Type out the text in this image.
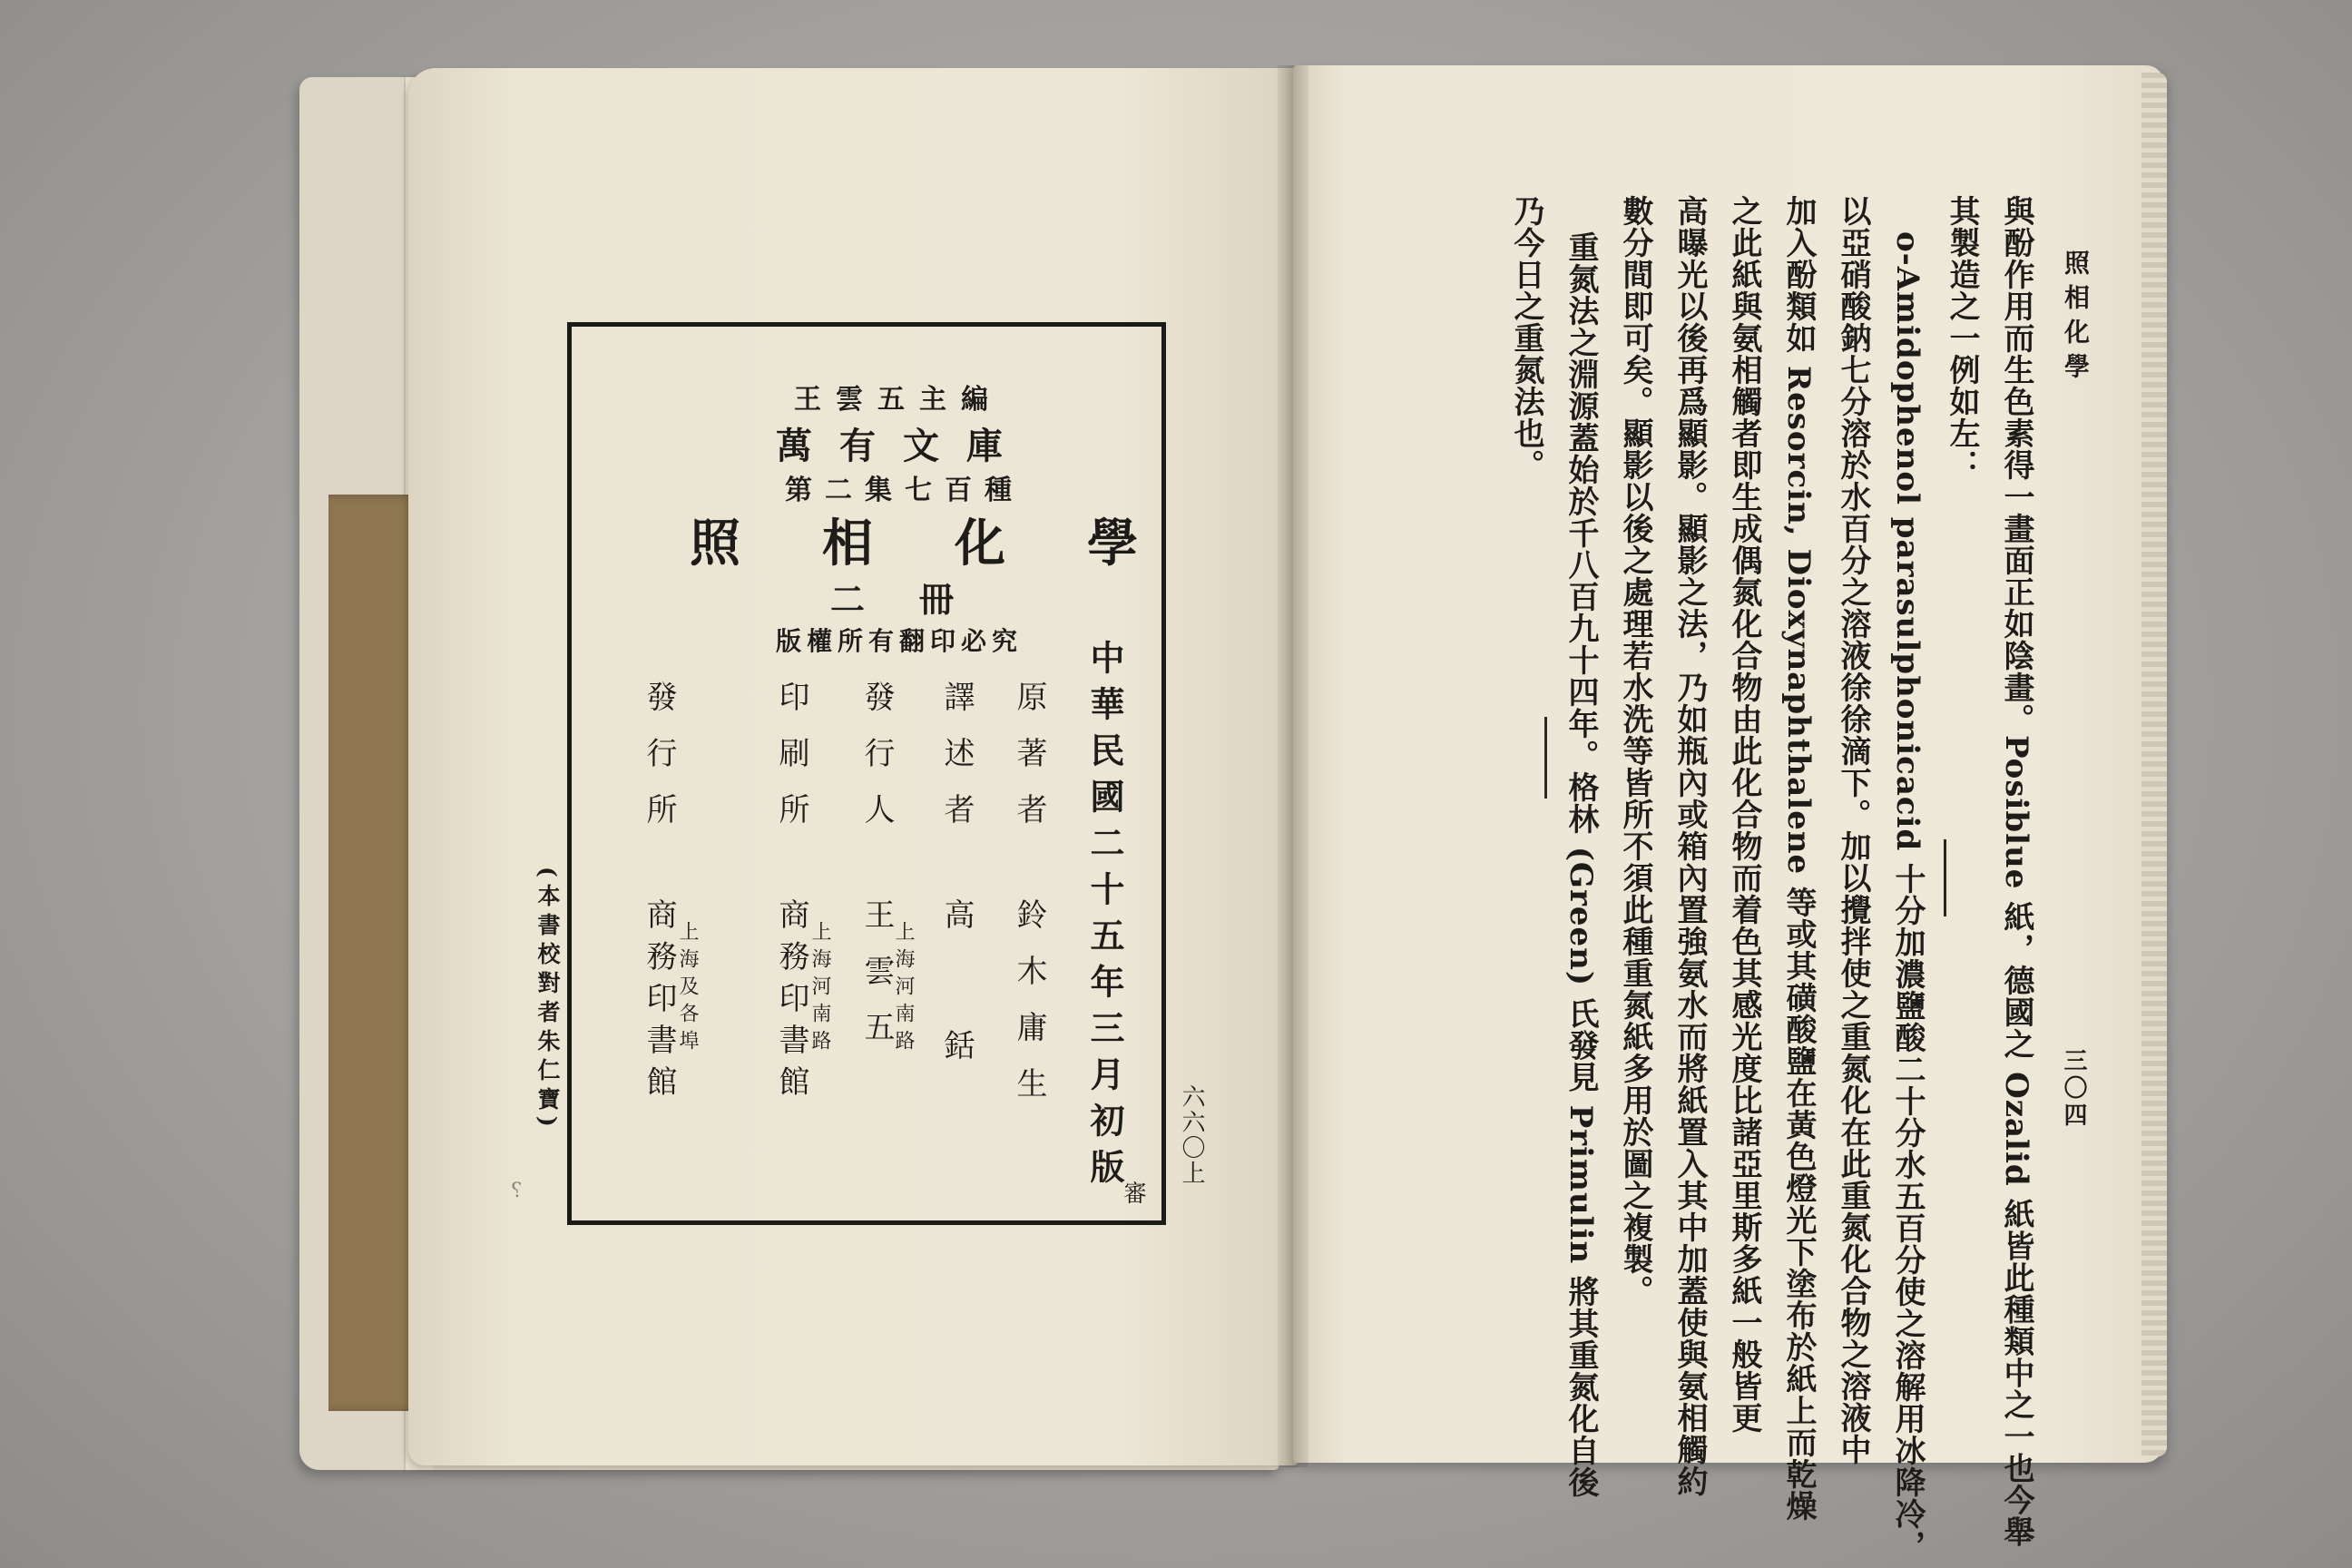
王雲五主編
萬有文庫
第二集七百種
照相化學
二冊
版權所有翻印必究 中華民國二十五年三月初版
原著者
鈴木庸生
譯述者
高銛
發行人
上海河南路
王雲五
印刷所
上海河南路
商務印書館
發行所
上海及各埠
商務印書館
六六〇上
審
(本書校對者朱仁寶)
⸮
照相化學
三〇四
與酚作用而生色素得一畫面正如陰畫。Posiblue 紙，德國之 Ozalid 紙皆此種類中之一也今舉
其製造之一例如左：
o-Amidophenol parasulphonicacid 十分加濃鹽酸二十分水五百分使之溶解用冰降冷，
以亞硝酸鈉七分溶於水百分之溶液徐徐滴下。加以攪拌使之重氮化在此重氮化合物之溶液中
加入酚類如 Resorcin, Dioxynaphthalene 等或其磺酸鹽在黃色燈光下塗布於紙上而乾燥
之此紙與氨相觸者即生成偶氮化合物由此化合物而着色其感光度比諸亞里斯多紙一般皆更
高曝光以後再爲顯影。顯影之法，乃如瓶內或箱內置強氨水而將紙置入其中加蓋使與氨相觸約
數分間即可矣。顯影以後之處理若水洗等皆所不須此種重氮紙多用於圖之複製。
重氮法之淵源蓋始於千八百九十四年。格林 (Green) 氏發見 Primulin 將其重氮化自後
乃今日之重氮法也。
